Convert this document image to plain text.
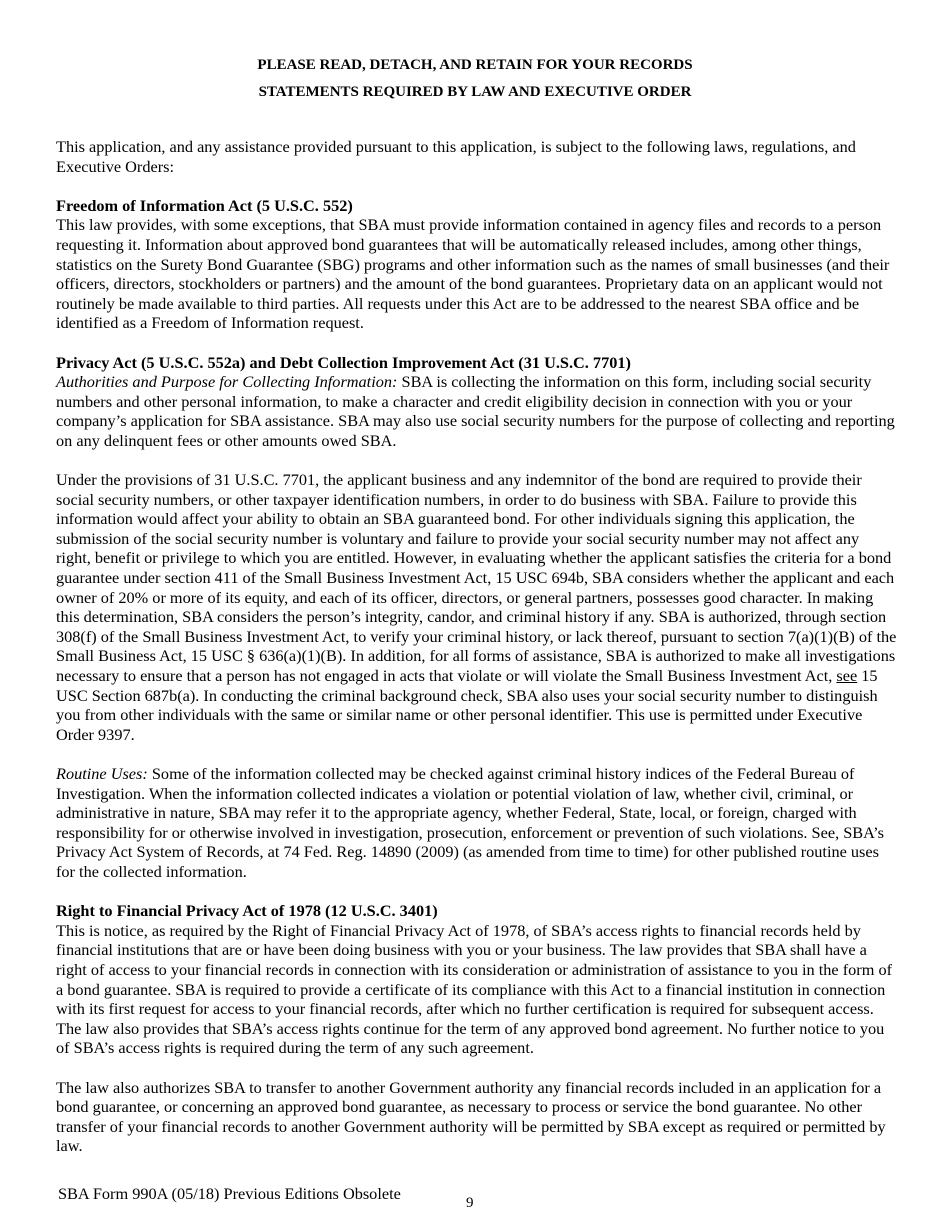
PLEASE READ, DETACH, AND RETAIN FOR YOUR RECORDS
STATEMENTS REQUIRED BY LAW AND EXECUTIVE ORDER

This application, and any assistance provided pursuant to this application, is subject to the following laws, regulations, and Executive Orders:

Freedom of Information Act (5 U.S.C. 552)

This law provides, with some exceptions, that SBA must provide information contained in agency files and records to a person requesting it. Information about approved bond guarantees that will be automatically released includes, among other things, statistics on the Surety Bond Guarantee (SBG) programs and other information such as the names of small businesses (and their officers, directors, stockholders or partners) and the amount of the bond guarantees. Proprietary data on an applicant would not routinely be made available to third parties. All requests under this Act are to be addressed to the nearest SBA office and be identified as a Freedom of Information request.

Privacy Act (5 U.S.C. 552a) and Debt Collection Improvement Act (31 U.S.C. 7701)

Authorities and Purpose for Collecting Information: SBA is collecting the information on this form, including social security numbers and other personal information, to make a character and credit eligibility decision in connection with you or your company’s application for SBA assistance. SBA may also use social security numbers for the purpose of collecting and reporting on any delinquent fees or other amounts owed SBA.

Under the provisions of 31 U.S.C. 7701, the applicant business and any indemnitor of the bond are required to provide their social security numbers, or other taxpayer identification numbers, in order to do business with SBA. Failure to provide this information would affect your ability to obtain an SBA guaranteed bond. For other individuals signing this application, the submission of the social security number is voluntary and failure to provide your social security number may not affect any right, benefit or privilege to which you are entitled. However, in evaluating whether the applicant satisfies the criteria for a bond guarantee under section 411 of the Small Business Investment Act, 15 USC 694b, SBA considers whether the applicant and each owner of 20% or more of its equity, and each of its officer, directors, or general partners, possesses good character. In making this determination, SBA considers the person’s integrity, candor, and criminal history if any. SBA is authorized, through section 308(f) of the Small Business Investment Act, to verify your criminal history, or lack thereof, pursuant to section 7(a)(1)(B) of the Small Business Act, 15 USC § 636(a)(1)(B). In addition, for all forms of assistance, SBA is authorized to make all investigations necessary to ensure that a person has not engaged in acts that violate or will violate the Small Business Investment Act, see 15 USC Section 687b(a). In conducting the criminal background check, SBA also uses your social security number to distinguish you from other individuals with the same or similar name or other personal identifier. This use is permitted under Executive Order 9397.

Routine Uses: Some of the information collected may be checked against criminal history indices of the Federal Bureau of Investigation. When the information collected indicates a violation or potential violation of law, whether civil, criminal, or administrative in nature, SBA may refer it to the appropriate agency, whether Federal, State, local, or foreign, charged with responsibility for or otherwise involved in investigation, prosecution, enforcement or prevention of such violations. See, SBA’s Privacy Act System of Records, at 74 Fed. Reg. 14890 (2009) (as amended from time to time) for other published routine uses for the collected information.

Right to Financial Privacy Act of 1978 (12 U.S.C. 3401)

This is notice, as required by the Right of Financial Privacy Act of 1978, of SBA’s access rights to financial records held by financial institutions that are or have been doing business with you or your business. The law provides that SBA shall have a right of access to your financial records in connection with its consideration or administration of assistance to you in the form of a bond guarantee. SBA is required to provide a certificate of its compliance with this Act to a financial institution in connection with its first request for access to your financial records, after which no further certification is required for subsequent access. The law also provides that SBA’s access rights continue for the term of any approved bond agreement. No further notice to you of SBA’s access rights is required during the term of any such agreement.

The law also authorizes SBA to transfer to another Government authority any financial records included in an application for a bond guarantee, or concerning an approved bond guarantee, as necessary to process or service the bond guarantee. No other transfer of your financial records to another Government authority will be permitted by SBA except as required or permitted by law.

SBA Form 990A (05/18) Previous Editions Obsolete	9
